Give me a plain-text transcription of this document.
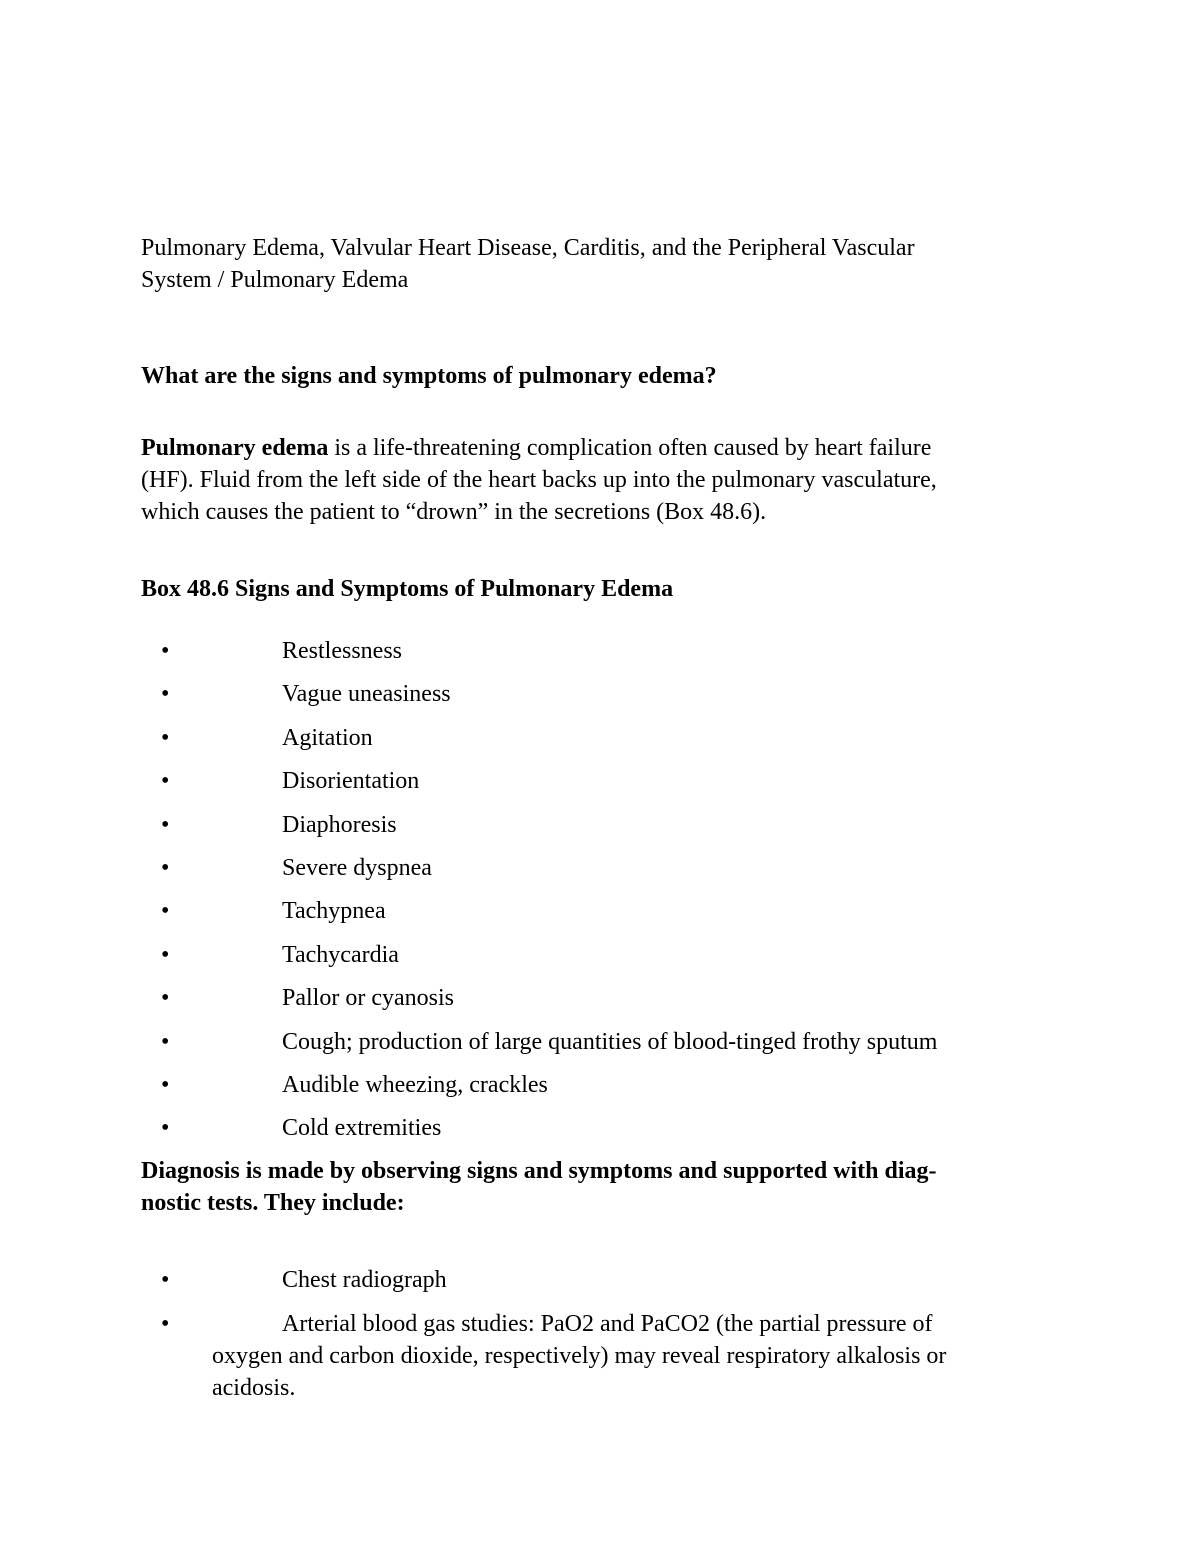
Pulmonary Edema, Valvular Heart Disease, Carditis, and the Peripheral Vascular
System / Pulmonary Edema

What are the signs and symptoms of pulmonary edema?

Pulmonary edema is a life-threatening complication often caused by heart failure
(HF). Fluid from the left side of the heart backs up into the pulmonary vasculature,
which causes the patient to “drown” in the secretions (Box 48.6).

Box 48.6 Signs and Symptoms of Pulmonary Edema

•	Restlessness
•	Vague uneasiness
•	Agitation
•	Disorientation
•	Diaphoresis
•	Severe dyspnea
•	Tachypnea
•	Tachycardia
•	Pallor or cyanosis
•	Cough; production of large quantities of blood-tinged frothy sputum
•	Audible wheezing, crackles
•	Cold extremities

Diagnosis is made by observing signs and symptoms and supported with diag-
nostic tests. They include:

•	Chest radiograph
•	Arterial blood gas studies: PaO2 and PaCO2 (the partial pressure of

oxygen and carbon dioxide, respectively) may reveal respiratory alkalosis or

acidosis.
